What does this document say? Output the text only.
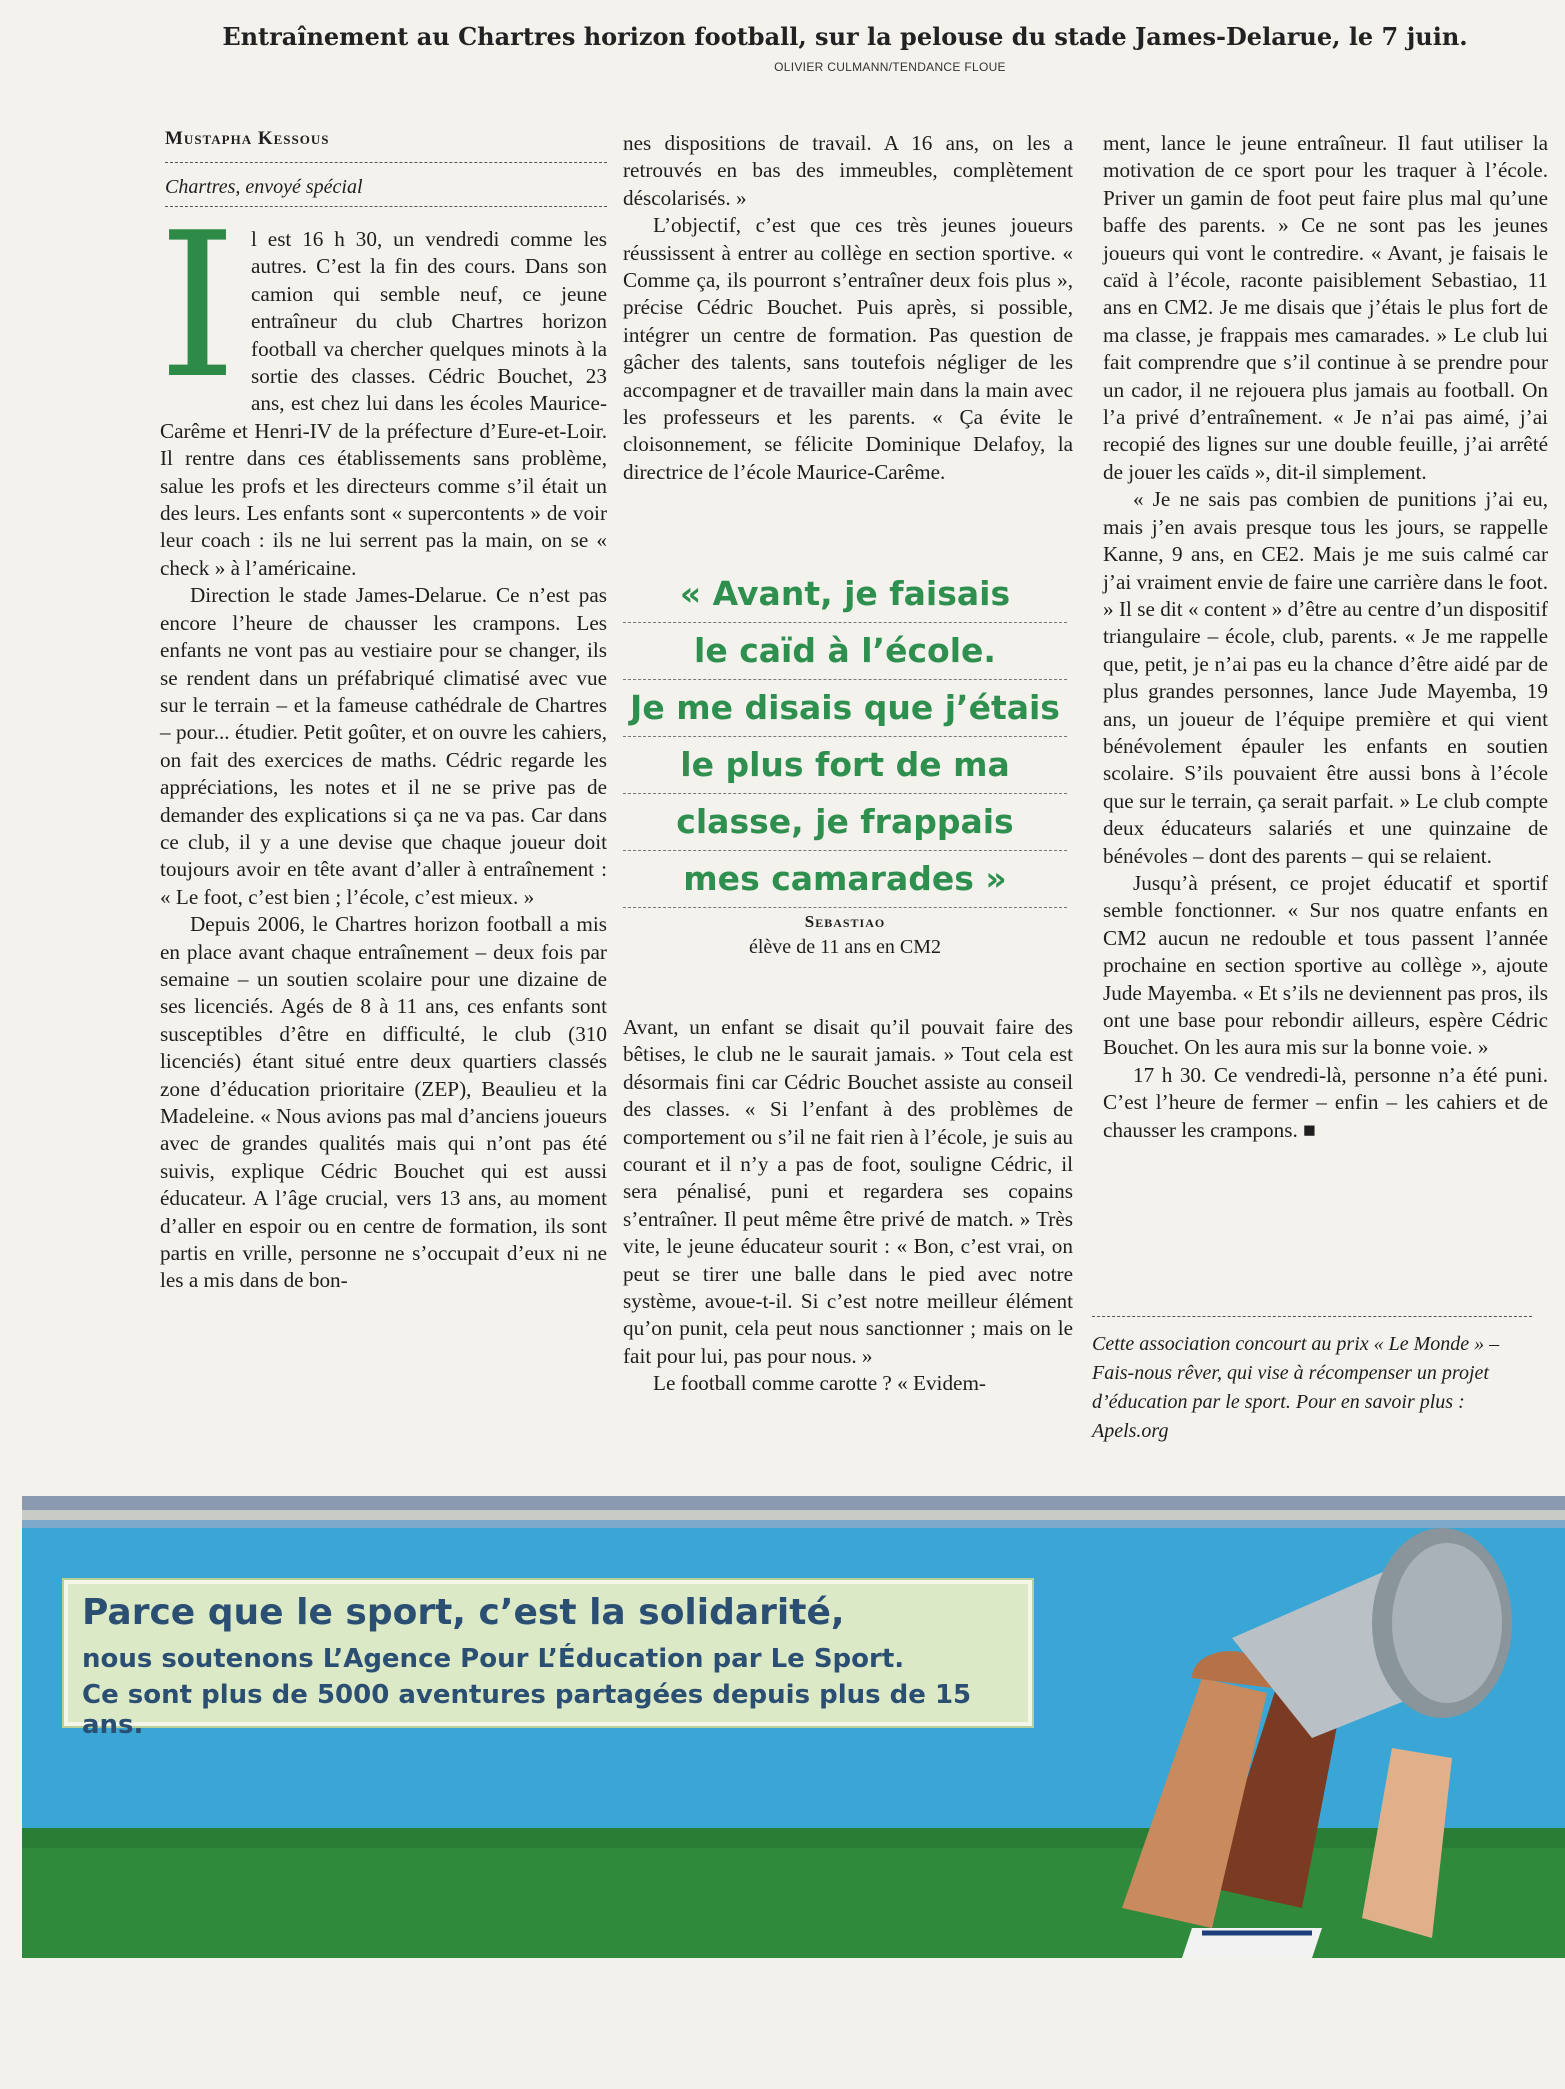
Entraînement au Chartres horizon football, sur la pelouse du stade James-Delarue, le 7 juin.
OLIVIER CULMANN/TENDANCE FLOUE
Mustapha Kessous
Chartres, envoyé spécial
I l est 16 h 30, un vendredi comme les autres. C’est la fin des cours. Dans son camion qui semble neuf, ce jeune entraîneur du club Chartres horizon football va chercher quelques minots à la sortie des classes. Cédric Bouchet, 23 ans, est chez lui dans les écoles Maurice-Carême et Henri-IV de la préfecture d’Eure-et-Loir. Il rentre dans ces établissements sans problème, salue les profs et les directeurs comme s’il était un des leurs. Les enfants sont « supercontents » de voir leur coach : ils ne lui serrent pas la main, on se « check » à l’américaine.

Direction le stade James-Delarue. Ce n’est pas encore l’heure de chausser les crampons. Les enfants ne vont pas au vestiaire pour se changer, ils se rendent dans un préfabriqué climatisé avec vue sur le terrain – et la fameuse cathédrale de Chartres – pour... étudier. Petit goûter, et on ouvre les cahiers, on fait des exercices de maths. Cédric regarde les appréciations, les notes et il ne se prive pas de demander des explications si ça ne va pas. Car dans ce club, il y a une devise que chaque joueur doit toujours avoir en tête avant d’aller à entraînement : « Le foot, c’est bien ; l’école, c’est mieux. »

Depuis 2006, le Chartres horizon football a mis en place avant chaque entraînement – deux fois par semaine – un soutien scolaire pour une dizaine de ses licenciés. Agés de 8 à 11 ans, ces enfants sont susceptibles d’être en difficulté, le club (310 licenciés) étant situé entre deux quartiers classés zone d’éducation prioritaire (ZEP), Beaulieu et la Madeleine. « Nous avions pas mal d’anciens joueurs avec de grandes qualités mais qui n’ont pas été suivis, explique Cédric Bouchet qui est aussi éducateur. A l’âge crucial, vers 13 ans, au moment d’aller en espoir ou en centre de formation, ils sont partis en vrille, personne ne s’occupait d’eux ni ne les a mis dans de bon-

nes dispositions de travail. A 16 ans, on les a retrouvés en bas des immeubles, complètement déscolarisés. »

L’objectif, c’est que ces très jeunes joueurs réussissent à entrer au collège en section sportive. « Comme ça, ils pourront s’entraîner deux fois plus », précise Cédric Bouchet. Puis après, si possible, intégrer un centre de formation. Pas question de gâcher des talents, sans toutefois négliger de les accompagner et de travailler main dans la main avec les professeurs et les parents. « Ça évite le cloisonnement, se félicite Dominique Delafoy, la directrice de l’école Maurice-Carême.

« Avant, je faisais
le caïd à l’école.
Je me disais que j’étais
le plus fort de ma
classe, je frappais
mes camarades »
Sebastiao
élève de 11 ans en CM2

Avant, un enfant se disait qu’il pouvait faire des bêtises, le club ne le saurait jamais. » Tout cela est désormais fini car Cédric Bouchet assiste au conseil des classes. « Si l’enfant à des problèmes de comportement ou s’il ne fait rien à l’école, je suis au courant et il n’y a pas de foot, souligne Cédric, il sera pénalisé, puni et regardera ses copains s’entraîner. Il peut même être privé de match. » Très vite, le jeune éducateur sourit : « Bon, c’est vrai, on peut se tirer une balle dans le pied avec notre système, avoue-t-il. Si c’est notre meilleur élément qu’on punit, cela peut nous sanctionner ; mais on le fait pour lui, pas pour nous. »

Le football comme carotte ? « Evidem-

ment, lance le jeune entraîneur. Il faut utiliser la motivation de ce sport pour les traquer à l’école. Priver un gamin de foot peut faire plus mal qu’une baffe des parents. » Ce ne sont pas les jeunes joueurs qui vont le contredire. « Avant, je faisais le caïd à l’école, raconte paisiblement Sebastiao, 11 ans en CM2. Je me disais que j’étais le plus fort de ma classe, je frappais mes camarades. » Le club lui fait comprendre que s’il continue à se prendre pour un cador, il ne rejouera plus jamais au football. On l’a privé d’entraînement. « Je n’ai pas aimé, j’ai recopié des lignes sur une double feuille, j’ai arrêté de jouer les caïds », dit-il simplement.

« Je ne sais pas combien de punitions j’ai eu, mais j’en avais presque tous les jours, se rappelle Kanne, 9 ans, en CE2. Mais je me suis calmé car j’ai vraiment envie de faire une carrière dans le foot. » Il se dit « content » d’être au centre d’un dispositif triangulaire – école, club, parents. « Je me rappelle que, petit, je n’ai pas eu la chance d’être aidé par de plus grandes personnes, lance Jude Mayemba, 19 ans, un joueur de l’équipe première et qui vient bénévolement épauler les enfants en soutien scolaire. S’ils pouvaient être aussi bons à l’école que sur le terrain, ça serait parfait. » Le club compte deux éducateurs salariés et une quinzaine de bénévoles – dont des parents – qui se relaient.

Jusqu’à présent, ce projet éducatif et sportif semble fonctionner. « Sur nos quatre enfants en CM2 aucun ne redouble et tous passent l’année prochaine en section sportive au collège », ajoute Jude Mayemba. « Et s’ils ne deviennent pas pros, ils ont une base pour rebondir ailleurs, espère Cédric Bouchet. On les aura mis sur la bonne voie. »

17 h 30. Ce vendredi-là, personne n’a été puni. C’est l’heure de fermer – enfin – les cahiers et de chausser les crampons. ■

Cette association concourt au prix « Le Monde » – Fais-nous rêver, qui vise à récompenser un projet d’éducation par le sport. Pour en savoir plus : Apels.org
Parce que le sport, c’est la solidarité,
nous soutenons L’Agence Pour L’Éducation par Le Sport.
Ce sont plus de 5000 aventures partagées depuis plus de 15 ans.
